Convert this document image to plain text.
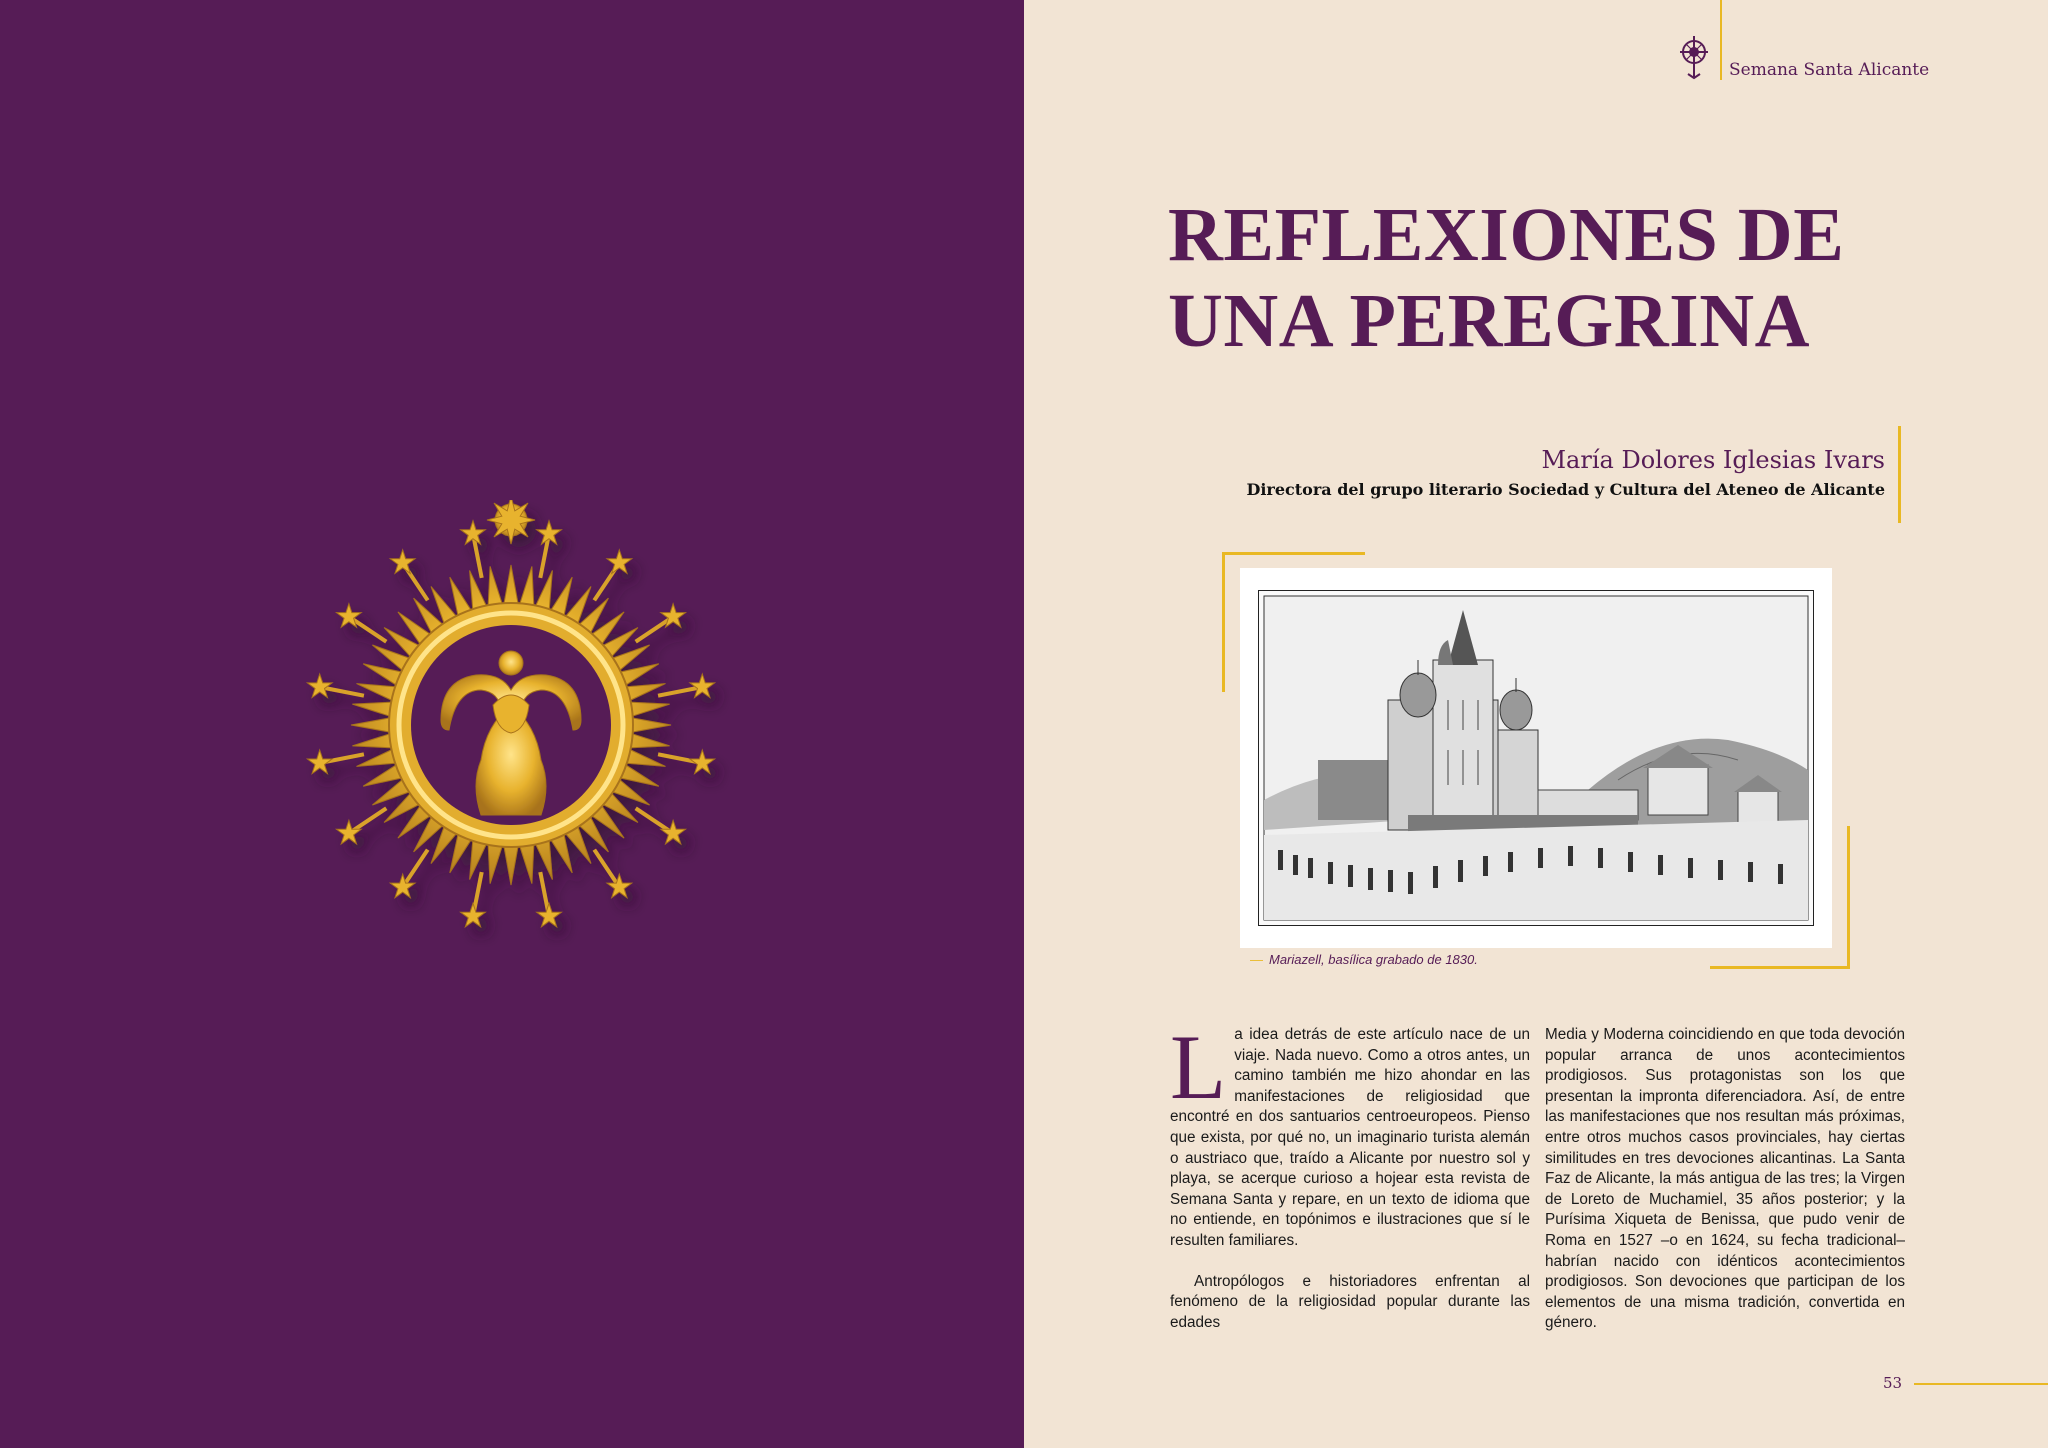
Semana Santa Alicante
REFLEXIONES DE
UNA PEREGRINA
María Dolores Iglesias Ivars
Directora del grupo literario Sociedad y Cultura del Ateneo de Alicante
— Mariazell, basílica grabado de 1830.

La idea detrás de este artículo nace de un viaje. Nada nuevo. Como a otros antes, un camino también me hizo ahondar en las manifestaciones de religiosidad que encontré en dos santuarios centroeuropeos. Pienso que exista, por qué no, un imaginario turista alemán o austriaco que, traído a Alicante por nuestro sol y playa, se acerque curioso a hojear esta revista de Semana Santa y repare, en un texto de idioma que no entiende, en topónimos e ilustraciones que sí le resulten familiares.

Antropólogos e historiadores enfrentan al fenómeno de la religiosidad popular durante las edades

Media y Moderna coincidiendo en que toda devoción popular arranca de unos acontecimientos prodigiosos. Sus protagonistas son los que presentan la impronta diferenciadora. Así, de entre las manifestaciones que nos resultan más próximas, entre otros muchos casos provinciales, hay ciertas similitudes en tres devociones alicantinas. La Santa Faz de Alicante, la más antigua de las tres; la Virgen de Loreto de Muchamiel, 35 años posterior; y la Purísima Xiqueta de Benissa, que pudo venir de Roma en 1527 –o en 1624, su fecha tradicional– habrían nacido con idénticos acontecimientos prodigiosos. Son devociones que participan de los elementos de una misma tradición, convertida en género.

53
